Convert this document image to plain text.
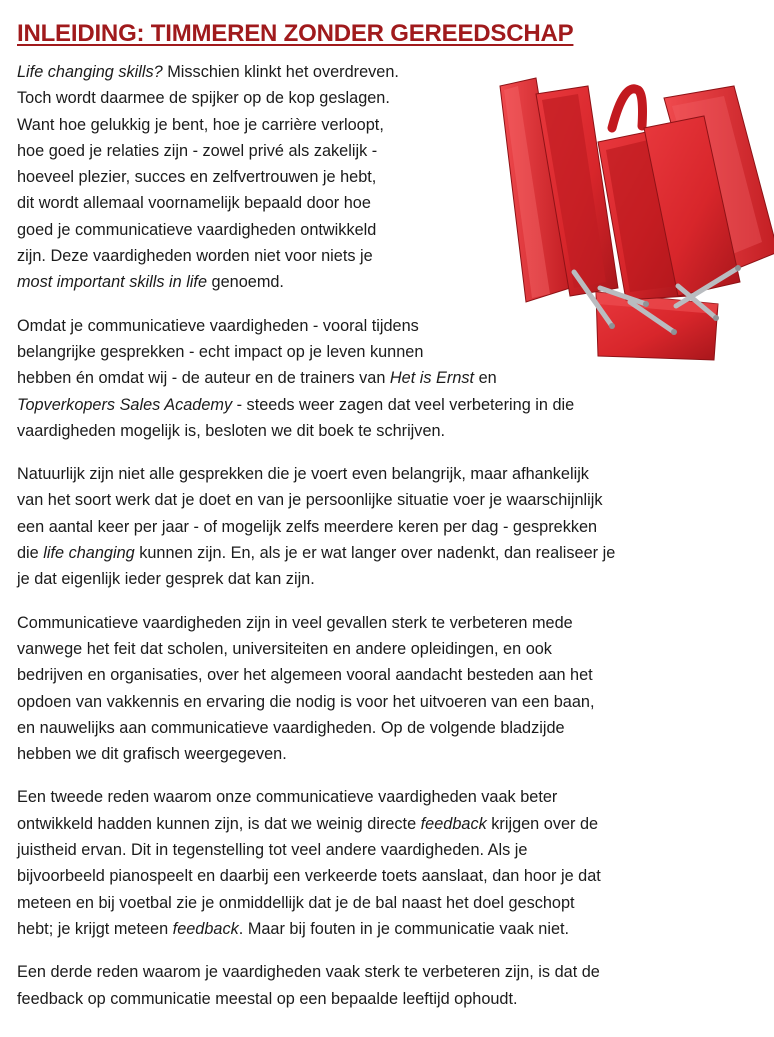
INLEIDING: TIMMEREN ZONDER GEREEDSCHAP

Life changing skills? Misschien klinkt het overdreven.
Toch wordt daarmee de spijker op de kop geslagen.
Want hoe gelukkig je bent, hoe je carrière verloopt,
hoe goed je relaties zijn - zowel privé als zakelijk -
hoeveel plezier, succes en zelfvertrouwen je hebt,
dit wordt allemaal voornamelijk bepaald door hoe
goed je communicatieve vaardigheden ontwikkeld
zijn. Deze vaardigheden worden niet voor niets je
most important skills in life genoemd.

Omdat je communicatieve vaardigheden - vooral tijdens
belangrijke gesprekken - echt impact op je leven kunnen
hebben én omdat wij - de auteur en de trainers van Het is Ernst en
Topverkopers Sales Academy - steeds weer zagen dat veel verbetering in die
vaardigheden mogelijk is, besloten we dit boek te schrijven.

Natuurlijk zijn niet alle gesprekken die je voert even belangrijk, maar afhankelijk
van het soort werk dat je doet en van je persoonlijke situatie voer je waarschijnlijk
een aantal keer per jaar - of mogelijk zelfs meerdere keren per dag - gesprekken
die life changing kunnen zijn. En, als je er wat langer over nadenkt, dan realiseer je
je dat eigenlijk ieder gesprek dat kan zijn.

Communicatieve vaardigheden zijn in veel gevallen sterk te verbeteren mede
vanwege het feit dat scholen, universiteiten en andere opleidingen, en ook
bedrijven en organisaties, over het algemeen vooral aandacht besteden aan het
opdoen van vakkennis en ervaring die nodig is voor het uitvoeren van een baan,
en nauwelijks aan communicatieve vaardigheden. Op de volgende bladzijde
hebben we dit grafisch weergegeven.

Een tweede reden waarom onze communicatieve vaardigheden vaak beter
ontwikkeld hadden kunnen zijn, is dat we weinig directe feedback krijgen over de
juistheid ervan. Dit in tegenstelling tot veel andere vaardigheden. Als je
bijvoorbeeld pianospeelt en daarbij een verkeerde toets aanslaat, dan hoor je dat
meteen en bij voetbal zie je onmiddellijk dat je de bal naast het doel geschopt
hebt; je krijgt meteen feedback. Maar bij fouten in je communicatie vaak niet.

Een derde reden waarom je vaardigheden vaak sterk te verbeteren zijn, is dat de
feedback op communicatie meestal op een bepaalde leeftijd ophoudt.
